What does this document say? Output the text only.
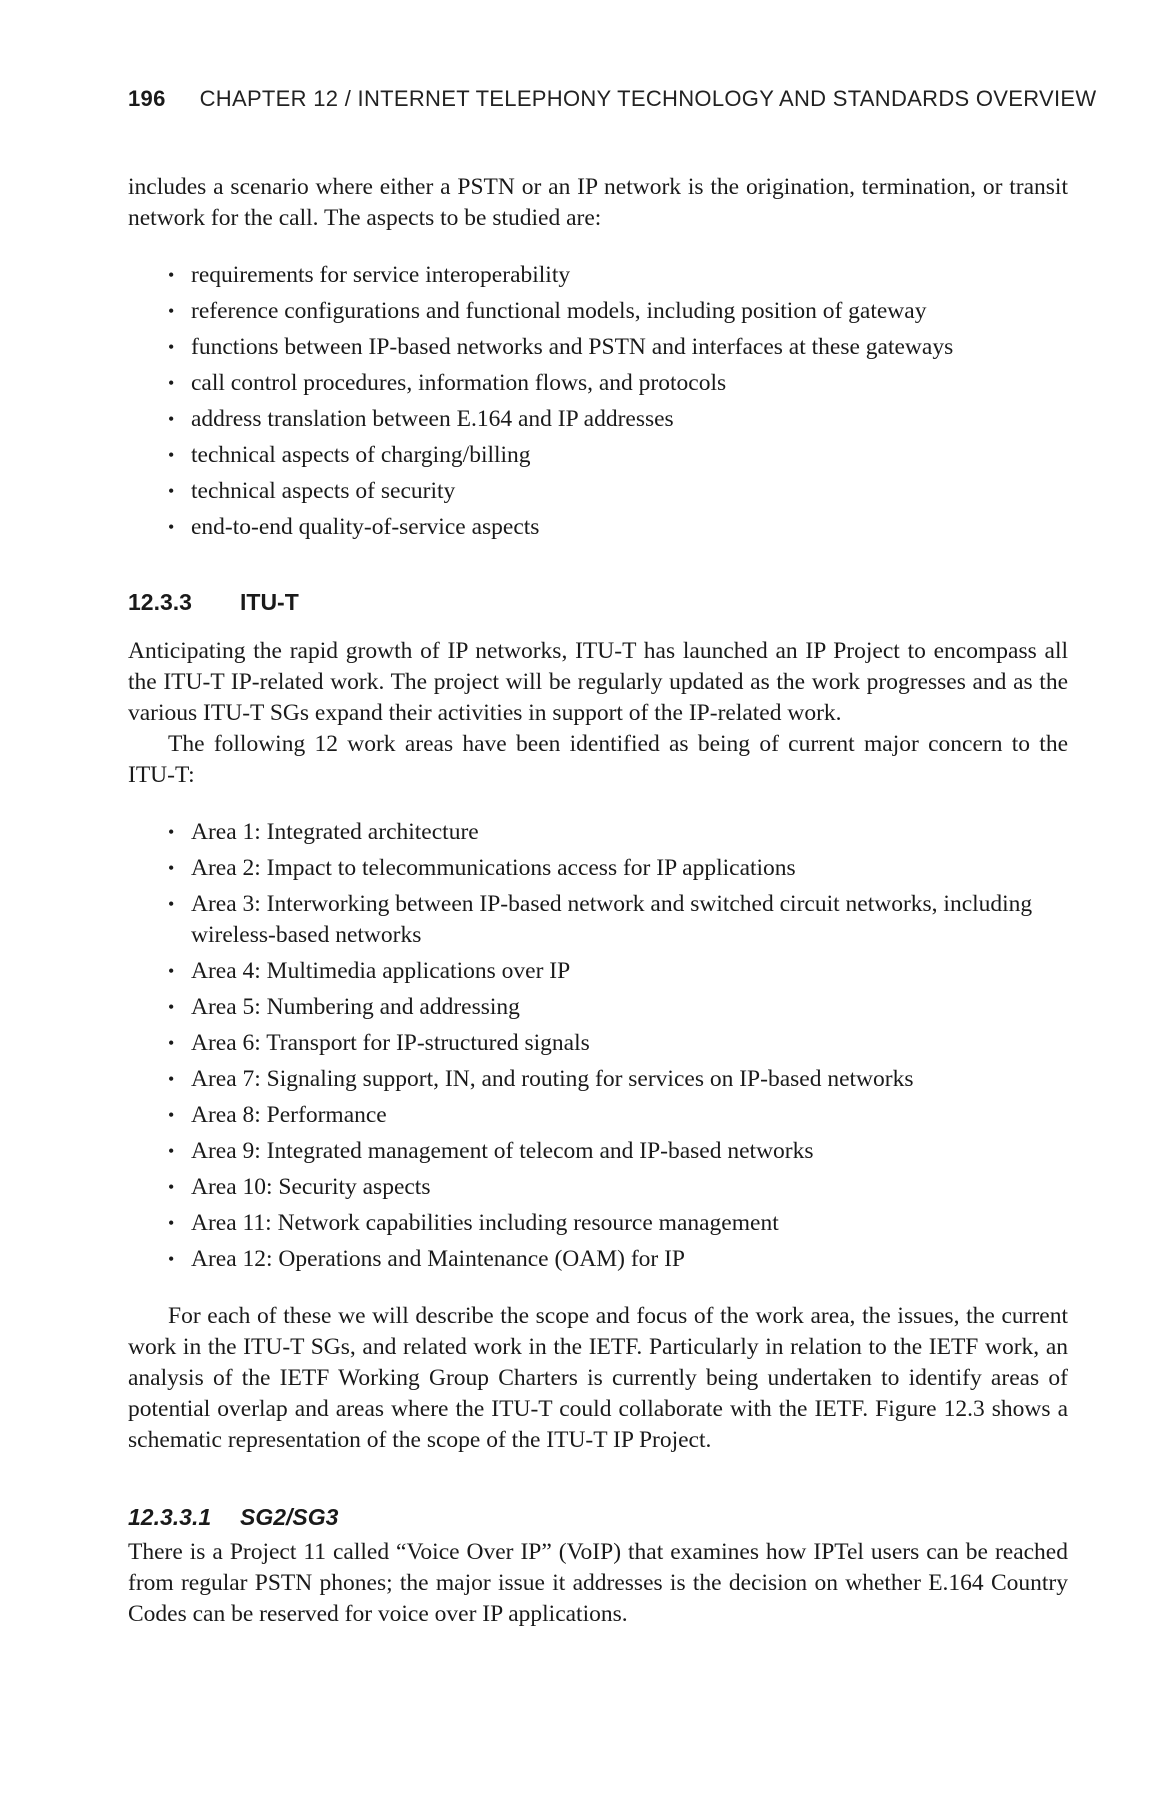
196 CHAPTER 12 / INTERNET TELEPHONY TECHNOLOGY AND STANDARDS OVERVIEW

includes a scenario where either a PSTN or an IP network is the origination, termination, or transit network for the call. The aspects to be studied are:

• requirements for service interoperability
• reference configurations and functional models, including position of gateway
• functions between IP-based networks and PSTN and interfaces at these gateways
• call control procedures, information flows, and protocols
• address translation between E.164 and IP addresses
• technical aspects of charging/billing
• technical aspects of security
• end-to-end quality-of-service aspects
12.3.3 ITU-T

Anticipating the rapid growth of IP networks, ITU-T has launched an IP Project to encompass all the ITU-T IP-related work. The project will be regularly updated as the work progresses and as the various ITU-T SGs expand their activities in support of the IP-related work.

The following 12 work areas have been identified as being of current major concern to the ITU-T:

• Area 1: Integrated architecture
• Area 2: Impact to telecommunications access for IP applications
• Area 3: Interworking between IP-based network and switched circuit networks, including wireless-based networks
• Area 4: Multimedia applications over IP
• Area 5: Numbering and addressing
• Area 6: Transport for IP-structured signals
• Area 7: Signaling support, IN, and routing for services on IP-based networks
• Area 8: Performance
• Area 9: Integrated management of telecom and IP-based networks
• Area 10: Security aspects
• Area 11: Network capabilities including resource management
• Area 12: Operations and Maintenance (OAM) for IP

For each of these we will describe the scope and focus of the work area, the issues, the current work in the ITU-T SGs, and related work in the IETF. Particularly in relation to the IETF work, an analysis of the IETF Working Group Charters is currently being undertaken to identify areas of potential overlap and areas where the ITU-T could collaborate with the IETF. Figure 12.3 shows a schematic representation of the scope of the ITU-T IP Project.

12.3.3.1 SG2/SG3

There is a Project 11 called “Voice Over IP” (VoIP) that examines how IPTel users can be reached from regular PSTN phones; the major issue it addresses is the decision on whether E.164 Country Codes can be reserved for voice over IP applications.
